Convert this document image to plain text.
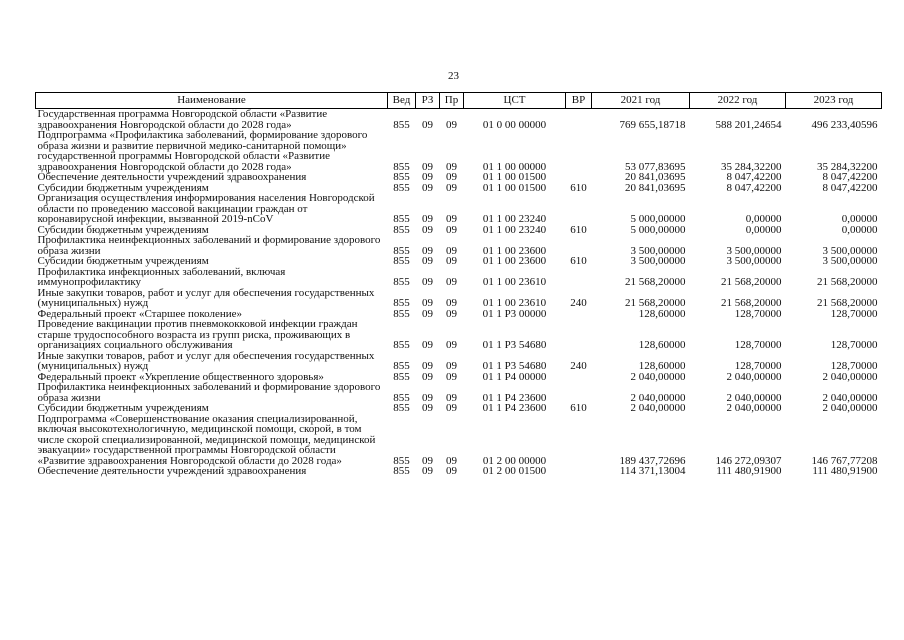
23
Наименование	Вед	РЗ	Пр	ЦСТ	ВР	2021 год	2022 год	2023 год
Государственная программа Новгородской области «Развитие здравоохранения Новгородской области до 2028 года»	855	09	09	01 0 00 00000		769 655,18718	588 201,24654	496 233,40596
Подпрограмма «Профилактика заболеваний, формирование здорового образа жизни и развитие первичной медико-санитарной помощи» государственной программы Новгородской области «Развитие здравоохранения Новгородской области до 2028 года»	855	09	09	01 1 00 00000		53 077,83695	35 284,32200	35 284,32200
Обеспечение деятельности учреждений здравоохранения	855	09	09	01 1 00 01500		20 841,03695	8 047,42200	8 047,42200
Субсидии бюджетным учреждениям	855	09	09	01 1 00 01500	610	20 841,03695	8 047,42200	8 047,42200
Организация осуществления информирования населения Новгородской области по проведению массовой вакцинации граждан от коронавирусной инфекции, вызванной 2019-nCoV	855	09	09	01 1 00 23240		5 000,00000	0,00000	0,00000
Субсидии бюджетным учреждениям	855	09	09	01 1 00 23240	610	5 000,00000	0,00000	0,00000
Профилактика неинфекционных заболеваний и формирование здорового образа жизни	855	09	09	01 1 00 23600		3 500,00000	3 500,00000	3 500,00000
Субсидии бюджетным учреждениям	855	09	09	01 1 00 23600	610	3 500,00000	3 500,00000	3 500,00000
Профилактика инфекционных заболеваний, включая иммунопрофилактику	855	09	09	01 1 00 23610		21 568,20000	21 568,20000	21 568,20000
Иные закупки товаров, работ и услуг для обеспечения государственных (муниципальных) нужд	855	09	09	01 1 00 23610	240	21 568,20000	21 568,20000	21 568,20000
Федеральный проект «Старшее поколение»	855	09	09	01 1 P3 00000		128,60000	128,70000	128,70000
Проведение вакцинации против пневмококковой инфекции граждан старше трудоспособного возраста из групп риска, проживающих в организациях социального обслуживания	855	09	09	01 1 P3 54680		128,60000	128,70000	128,70000
Иные закупки товаров, работ и услуг для обеспечения государственных (муниципальных) нужд	855	09	09	01 1 P3 54680	240	128,60000	128,70000	128,70000
Федеральный проект «Укрепление общественного здоровья»	855	09	09	01 1 P4 00000		2 040,00000	2 040,00000	2 040,00000
Профилактика неинфекционных заболеваний и формирование здорового образа жизни	855	09	09	01 1 P4 23600		2 040,00000	2 040,00000	2 040,00000
Субсидии бюджетным учреждениям	855	09	09	01 1 P4 23600	610	2 040,00000	2 040,00000	2 040,00000
Подпрограмма «Совершенствование оказания специализированной, включая высокотехнологичную, медицинской помощи, скорой, в том числе скорой специализированной, медицинской помощи, медицинской эвакуации» государственной программы Новгородской области «Развитие здравоохранения Новгородской области до 2028 года»	855	09	09	01 2 00 00000		189 437,72696	146 272,09307	146 767,77208
Обеспечение деятельности учреждений здравоохранения	855	09	09	01 2 00 01500		114 371,13004	111 480,91900	111 480,91900
